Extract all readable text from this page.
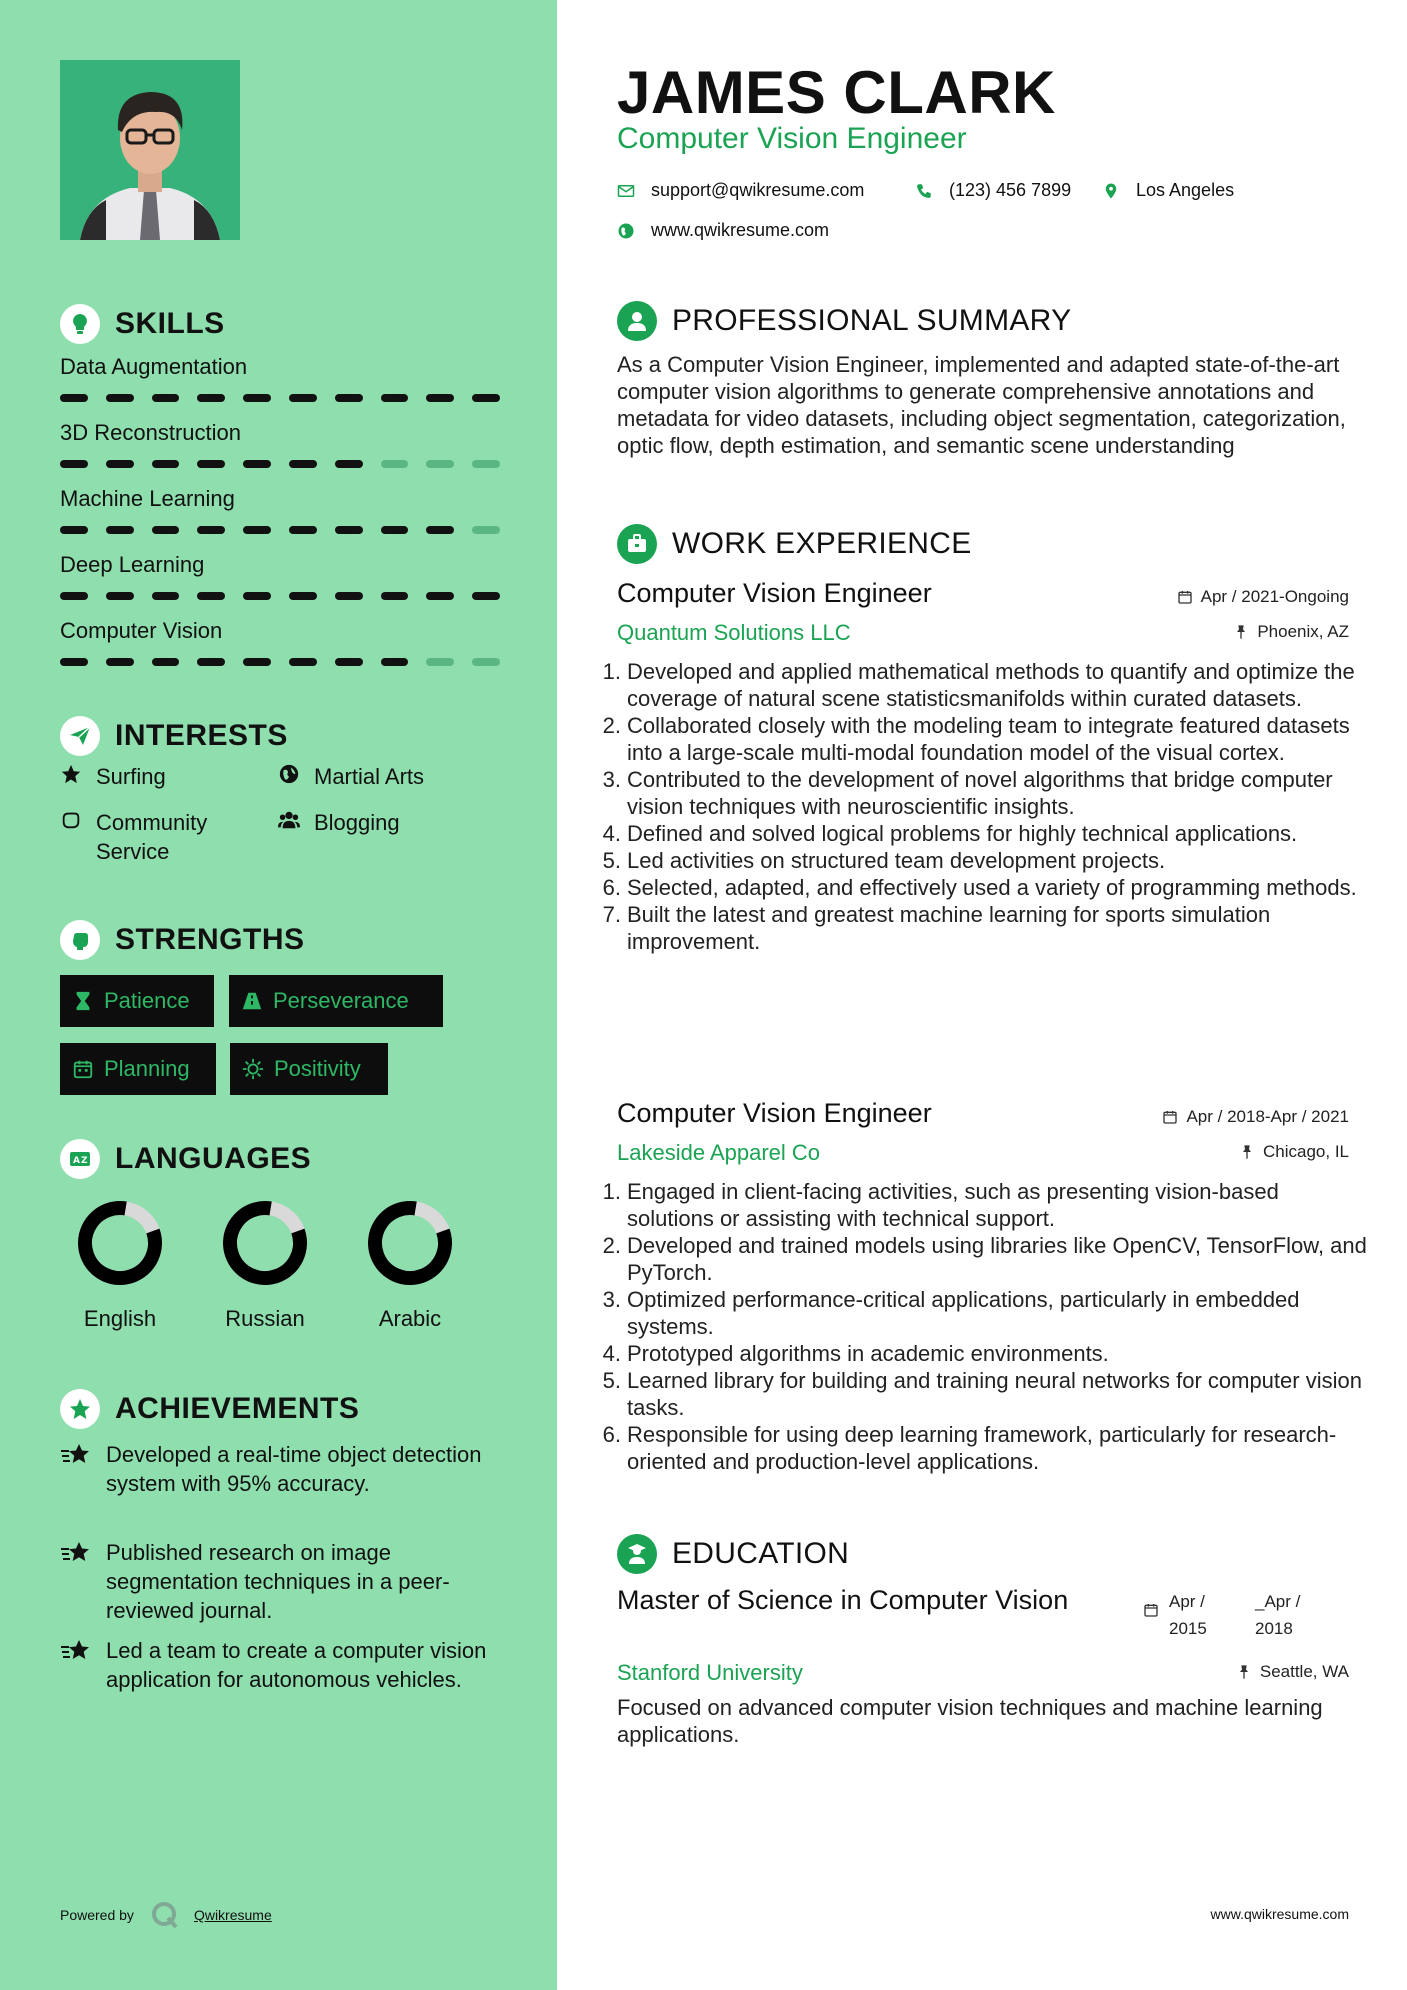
SKILLS
Data Augmentation
3D Reconstruction
Machine Learning
Deep Learning
Computer Vision
INTERESTS
Surfing	Martial Arts
Community Service
Blogging
STRENGTHS
Patience	Perseverance
Planning	Positivity
A Z LANGUAGES
English	Russian	Arabic
ACHIEVEMENTS
Developed a real-time object detection system with 95% accuracy.
Published research on image segmentation techniques in a peer-reviewed journal.
Led a team to create a computer vision application for autonomous vehicles.
Powered by	Qwikresume
JAMES CLARK
Computer Vision Engineer
support@qwikresume.com	(123) 456 7899	Los Angeles
www.qwikresume.com
PROFESSIONAL SUMMARY
As a Computer Vision Engineer, implemented and adapted state-of-the-art computer vision algorithms to generate comprehensive annotations and metadata for video datasets, including object segmentation, categorization, optic flow, depth estimation, and semantic scene understanding
WORK EXPERIENCE
Computer Vision Engineer
Quantum Solutions LLC
Apr / 2021-Ongoing
Phoenix, AZ
1. Developed and applied mathematical methods to quantify and optimize the coverage of natural scene statisticsmanifolds within curated datasets.
2. Collaborated closely with the modeling team to integrate featured datasets into a large-scale multi-modal foundation model of the visual cortex.
3. Contributed to the development of novel algorithms that bridge computer vision techniques with neuroscientific insights.
4. Defined and solved logical problems for highly technical applications.
5. Led activities on structured team development projects.
6. Selected, adapted, and effectively used a variety of programming methods.
7. Built the latest and greatest machine learning for sports simulation improvement.
Computer Vision Engineer
Lakeside Apparel Co
Apr / 2018-Apr / 2021
Chicago, IL
1. Engaged in client-facing activities, such as presenting vision-based solutions or assisting with technical support.
2. Developed and trained models using libraries like OpenCV, TensorFlow, and PyTorch.
3. Optimized performance-critical applications, particularly in embedded systems.
4. Prototyped algorithms in academic environments.
5. Learned library for building and training neural networks for computer vision tasks.
6. Responsible for using deep learning framework, particularly for research-oriented and production-level applications.
EDUCATION
Master of Science in Computer Vision	Apr / 2015
_Apr / 2018
Stanford University	Seattle, WA
Focused on advanced computer vision techniques and machine learning applications.
www.qwikresume.com
